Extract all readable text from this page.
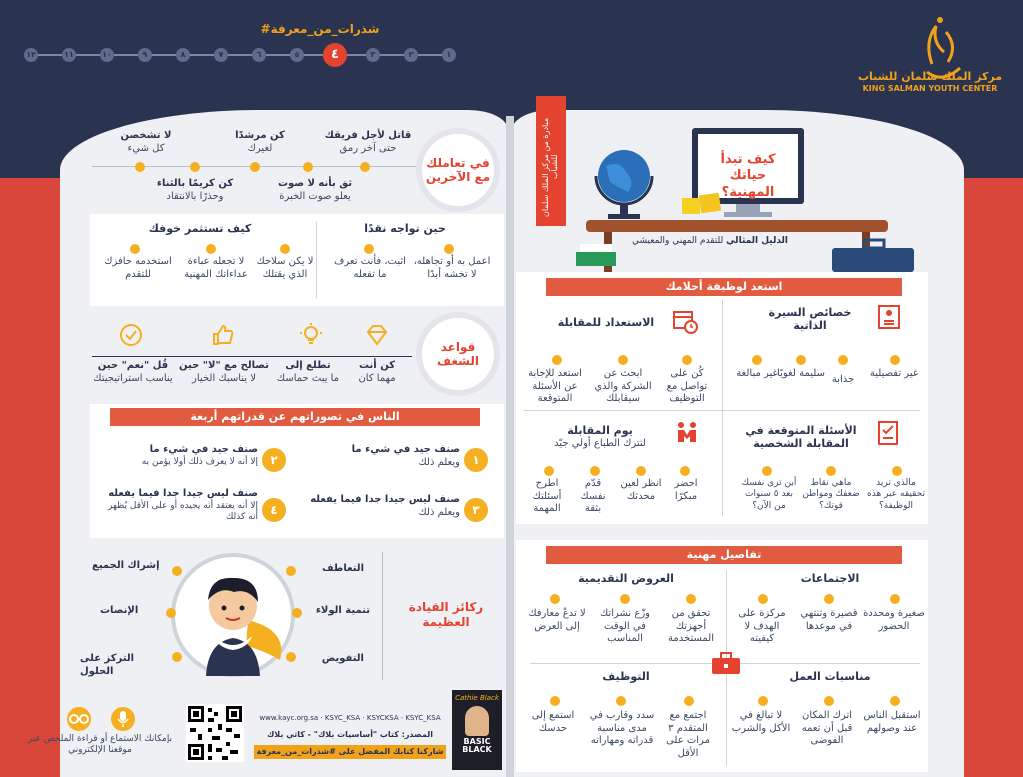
#شذرات_من_معرفة
١
٢
٣
٤
٥
٦
٧
٨
٩
١٠
١١
١٢
مركز الملك سلمان للشباب
KING SALMAN YOUTH CENTER
مبادرة من مركز الملك سلمان للشباب	كيف تبدأ حياتك المهنية؟
الدليل المثالي للتقدم المهني والمعيشي
استعد لوظيفة أحلامك
خصائص السيرة الذاتية
غير تفصيلية
جذابة
سليمة لغويًا
غير مبالغة
الاستعداد للمقابلة
كُن على تواصل مع التوظيف
ابحث عن الشركة والذي سيقابلك
استعد للإجابة عن الأسئلة المتوقعة
الأسئلة المتوقعة في المقابلة الشخصية
مالذي تريد تحقيقه عبر هذه الوظيفة؟
ماهي نقاط ضعفك ومواطن قوتك؟
أين ترى نفسك بعد ٥ سنوات من الآن؟
يوم المقابلة
لتترك الطباع أولي جيّد
احضر مبكرًا
انظر لعين محدثك
قدّم نفسك بثقة
اطرح أسئلتك المهمة
تفاصيل مهنية
الاجتماعات
صغيرة ومحددة الحضور
قصيرة وتنتهي في موعدها
مركزة على الهدف لا كيفيته
العروض التقديمية
تحقق من أجهزتك المستخدمة
وزّع نشراتك في الوقت المناسب
لا تدعْ معارفك إلى العرض
مناسبات العمل
استقبل الناس عند وصولهم
اترك المكان قبل أن تعمه الفوضى
لا تبالغ في الأكل والشرب
التوظيف
اجتمع مع المتقدم ٣ مرات على الأقل
سدد وقارب في مدى مناسبة قدراته ومهاراته
استمع إلى حدسك
في تعاملك مع الآخرين
قاتل لأجل فريقك
حتى آخر رمق
كن مرشدًا
لغيرك
لا تشخصن
كل شيء
ثق بأنه لا صوت
يعلو صوت الخبرة
كن كريمًا بالثناء
وحذرًا بالانتقاد
حين تواجه نقدًا
اعمل به أو تجاهله، لا تخشه أبدًا
اثبت، فأنت تعرف ما تفعله
لا يكن سلاحك الذي يقتلك
كيف تستثمر خوفك
لا تجعله عباءة عداءاتك المهنية
استخدمه حافزك للتقدم
قواعد الشغف
كن أنت
مهما كان
تطلع إلى
ما يبث حماسك
تصالح مع "لا" حين
لا يناسبك الخيار
قُل "نعم" حين
يناسب استراتيجيتك
الناس في تصوراتهم عن قدراتهم أربعة
١
صنف جيد في شيء ما
ويعلم ذلك
٢
صنف جيد في شيء ما
إلا أنه لا يعرف ذلك أولا يؤمن به
٣
صنف ليس جيدا جدا فيما يفعله
ويعلم ذلك
٤
صنف ليس جيدا جدا فيما يفعله
إلا أنه يعتقد أنه يجيده أو على الأقل يُظهر أنه كذلك
ركائز القيادة العظيمة
التعاطف
تنمية الولاء
التفويض
إشراك الجميع
الإنصات
التركز على الحلول
بإمكانك الاستماع أو قراءة الملخص عبر موقعنا الإلكتروني
www.kayc.org.sa · KSYC_KSA · KSYCKSA · KSYC_KSA
المصدر: كتاب "أساسيات بلاك" - كاثي بلاك
شاركنا كتابك المفضل على #شذرات_من_معرفة
Cathie Black
BASIC BLACK
